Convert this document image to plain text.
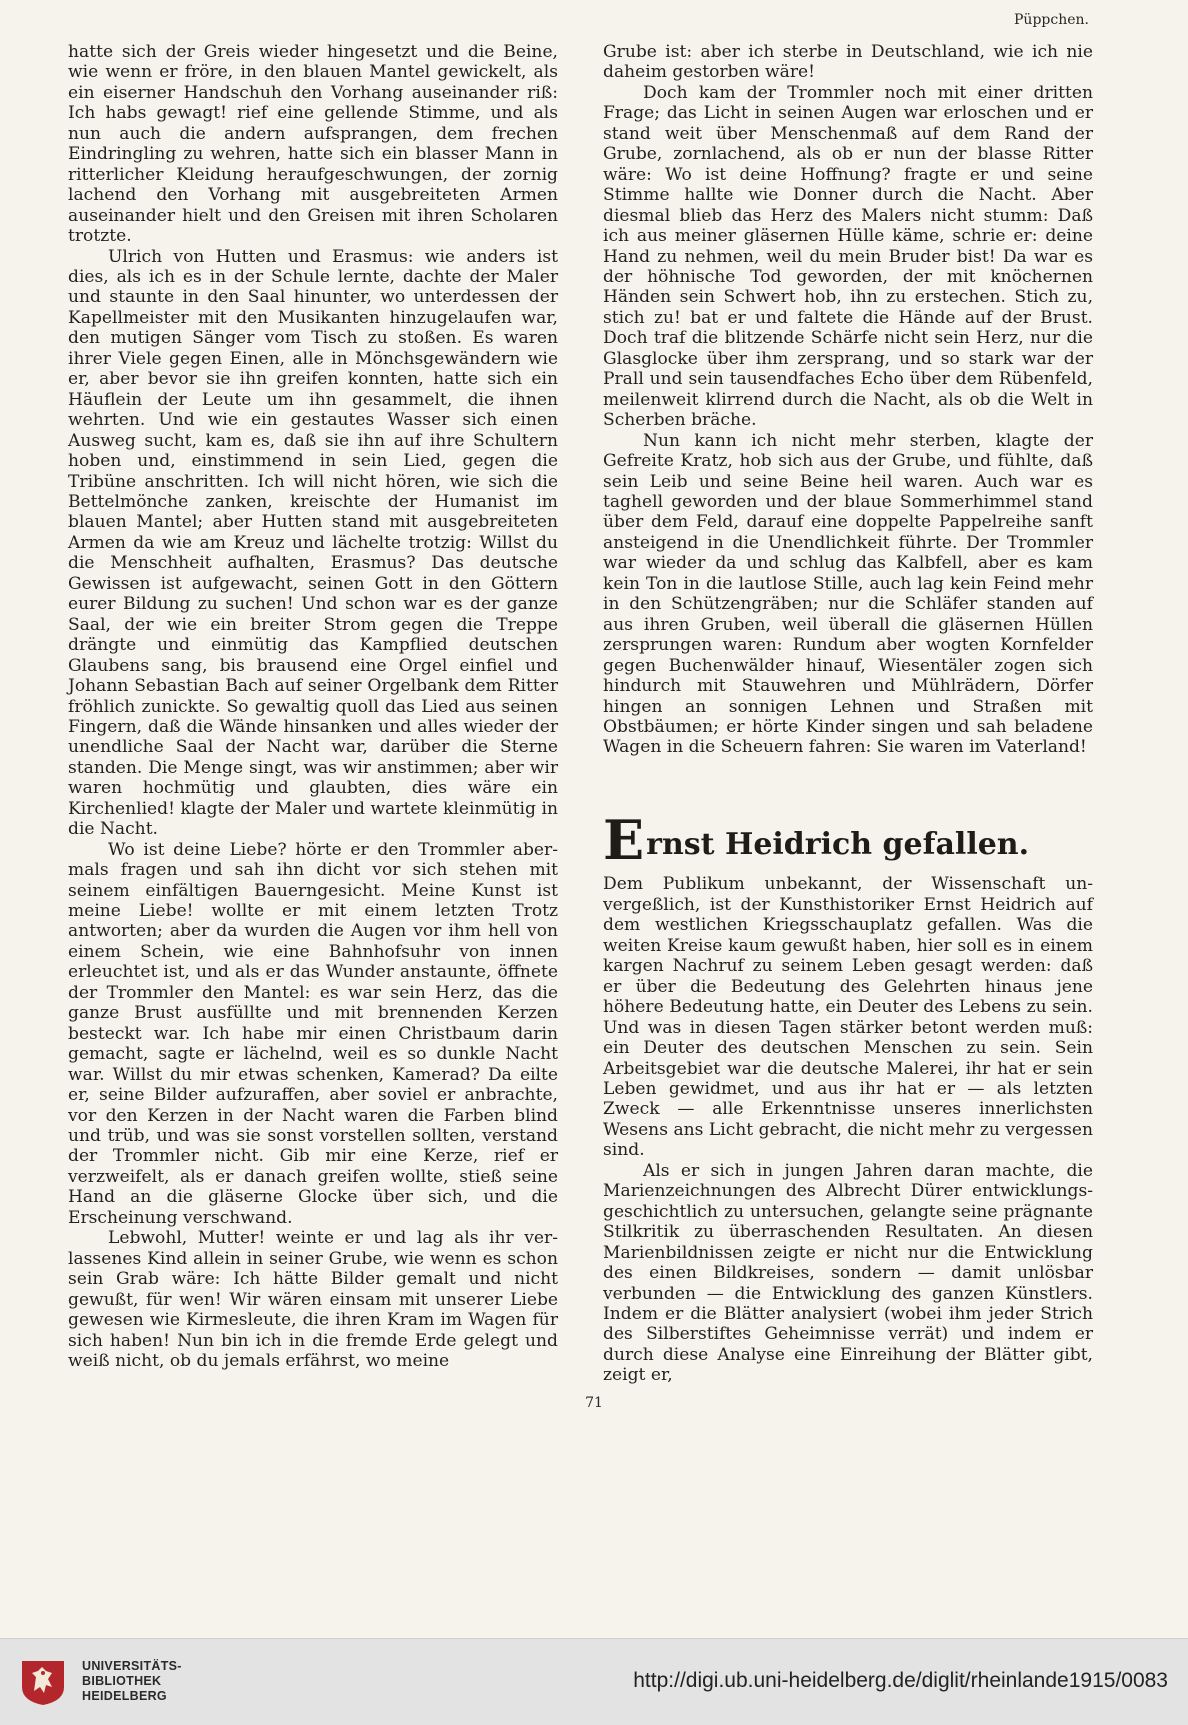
Püppchen.

hatte sich der Greis wieder hingesetzt und die Beine, wie wenn er fröre, in den blauen Mantel gewickelt, als ein eiserner Handschuh den Vorhang auseinander riß: Ich habs gewagt! rief eine gellende Stimme, und als nun auch die andern aufsprangen, dem frechen Eindringling zu wehren, hatte sich ein blasser Mann in ritterlicher Kleidung heraufgeschwungen, der zornig lachend den Vorhang mit ausgebreiteten Armen auseinander hielt und den Greisen mit ihren Scholaren trotzte.

Ulrich von Hutten und Erasmus: wie anders ist dies, als ich es in der Schule lernte, dachte der Maler und staunte in den Saal hinunter, wo unterdessen der Kapellmeister mit den Musikanten hinzugelaufen war, den mutigen Sänger vom Tisch zu stoßen. Es waren ihrer Viele gegen Einen, alle in Mönchsgewändern wie er, aber bevor sie ihn greifen konnten, hatte sich ein Häuflein der Leute um ihn gesammelt, die ihnen wehrten. Und wie ein gestautes Wasser sich einen Ausweg sucht, kam es, daß sie ihn auf ihre Schultern hoben und, einstimmend in sein Lied, gegen die Tribüne anschritten. Ich will nicht hören, wie sich die Bettelmönche zanken, kreischte der Humanist im blauen Mantel; aber Hutten stand mit ausgebreiteten Armen da wie am Kreuz und lächelte trotzig: Willst du die Menschheit aufhalten, Erasmus? Das deutsche Gewissen ist aufgewacht, seinen Gott in den Göttern eurer Bildung zu suchen! Und schon war es der ganze Saal, der wie ein breiter Strom gegen die Treppe drängte und einmütig das Kampflied deutschen Glaubens sang, bis brausend eine Orgel einfiel und Johann Sebastian Bach auf seiner Orgelbank dem Ritter fröhlich zunickte. So gewaltig quoll das Lied aus seinen Fingern, daß die Wände hinsanken und alles wieder der unendliche Saal der Nacht war, darüber die Sterne standen. Die Menge singt, was wir anstimmen; aber wir waren hochmütig und glaubten, dies wäre ein Kirchenlied! klagte der Maler und wartete kleinmütig in die Nacht.

Wo ist deine Liebe? hörte er den Trommler abermals fragen und sah ihn dicht vor sich stehen mit seinem einfältigen Bauerngesicht. Meine Kunst ist meine Liebe! wollte er mit einem letzten Trotz antworten; aber da wurden die Augen vor ihm hell von einem Schein, wie eine Bahnhofsuhr von innen erleuchtet ist, und als er das Wunder anstaunte, öffnete der Trommler den Mantel: es war sein Herz, das die ganze Brust ausfüllte und mit brennenden Kerzen besteckt war. Ich habe mir einen Christbaum darin gemacht, sagte er lächelnd, weil es so dunkle Nacht war. Willst du mir etwas schenken, Kamerad? Da eilte er, seine Bilder aufzuraffen, aber soviel er anbrachte, vor den Kerzen in der Nacht waren die Farben blind und trüb, und was sie sonst vorstellen sollten, verstand der Trommler nicht. Gib mir eine Kerze, rief er verzweifelt, als er danach greifen wollte, stieß seine Hand an die gläserne Glocke über sich, und die Erscheinung verschwand.

Lebwohl, Mutter! weinte er und lag als ihr verlassenes Kind allein in seiner Grube, wie wenn es schon sein Grab wäre: Ich hätte Bilder gemalt und nicht gewußt, für wen! Wir wären einsam mit unserer Liebe gewesen wie Kirmesleute, die ihren Kram im Wagen für sich haben! Nun bin ich in die fremde Erde gelegt und weiß nicht, ob du jemals erfährst, wo meine

Grube ist: aber ich sterbe in Deutschland, wie ich nie daheim gestorben wäre!

Doch kam der Trommler noch mit einer dritten Frage; das Licht in seinen Augen war erloschen und er stand weit über Menschenmaß auf dem Rand der Grube, zornlachend, als ob er nun der blasse Ritter wäre: Wo ist deine Hoffnung? fragte er und seine Stimme hallte wie Donner durch die Nacht. Aber diesmal blieb das Herz des Malers nicht stumm: Daß ich aus meiner gläsernen Hülle käme, schrie er: deine Hand zu nehmen, weil du mein Bruder bist! Da war es der höhnische Tod geworden, der mit knöchernen Händen sein Schwert hob, ihn zu erstechen. Stich zu, stich zu! bat er und faltete die Hände auf der Brust. Doch traf die blitzende Schärfe nicht sein Herz, nur die Glasglocke über ihm zersprang, und so stark war der Prall und sein tausendfaches Echo über dem Rübenfeld, meilenweit klirrend durch die Nacht, als ob die Welt in Scherben bräche.

Nun kann ich nicht mehr sterben, klagte der Gefreite Kratz, hob sich aus der Grube, und fühlte, daß sein Leib und seine Beine heil waren. Auch war es taghell geworden und der blaue Sommerhimmel stand über dem Feld, darauf eine doppelte Pappelreihe sanft ansteigend in die Unendlichkeit führte. Der Trommler war wieder da und schlug das Kalbfell, aber es kam kein Ton in die lautlose Stille, auch lag kein Feind mehr in den Schützengräben; nur die Schläfer standen auf aus ihren Gruben, weil überall die gläsernen Hüllen zersprungen waren: Rundum aber wogten Kornfelder gegen Buchenwälder hinauf, Wiesentäler zogen sich hindurch mit Stauwehren und Mühlrädern, Dörfer hingen an sonnigen Lehnen und Straßen mit Obstbäumen; er hörte Kinder singen und sah beladene Wagen in die Scheuern fahren: Sie waren im Vaterland!

E rnst Heidrich gefallen.

Dem Publikum unbekannt, der Wissenschaft unvergeßlich, ist der Kunsthistoriker Ernst Heidrich auf dem westlichen Kriegsschauplatz gefallen. Was die weiten Kreise kaum gewußt haben, hier soll es in einem kargen Nachruf zu seinem Leben gesagt werden: daß er über die Bedeutung des Gelehrten hinaus jene höhere Bedeutung hatte, ein Deuter des Lebens zu sein. Und was in diesen Tagen stärker betont werden muß: ein Deuter des deutschen Menschen zu sein. Sein Arbeitsgebiet war die deutsche Malerei, ihr hat er sein Leben gewidmet, und aus ihr hat er — als letzten Zweck — alle Erkenntnisse unseres innerlichsten Wesens ans Licht gebracht, die nicht mehr zu vergessen sind.

Als er sich in jungen Jahren daran machte, die Marienzeichnungen des Albrecht Dürer entwicklungsgeschichtlich zu untersuchen, gelangte seine prägnante Stilkritik zu überraschenden Resultaten. An diesen Marienbildnissen zeigte er nicht nur die Entwicklung des einen Bildkreises, sondern — damit unlösbar verbunden — die Entwicklung des ganzen Künstlers. Indem er die Blätter analysiert (wobei ihm jeder Strich des Silberstiftes Geheimnisse verrät) und indem er durch diese Analyse eine Einreihung der Blätter gibt, zeigt er,

71
UNIVERSITÄTS-
BIBLIOTHEK
HEIDELBERG
http://digi.ub.uni-heidelberg.de/diglit/rheinlande1915/0083
